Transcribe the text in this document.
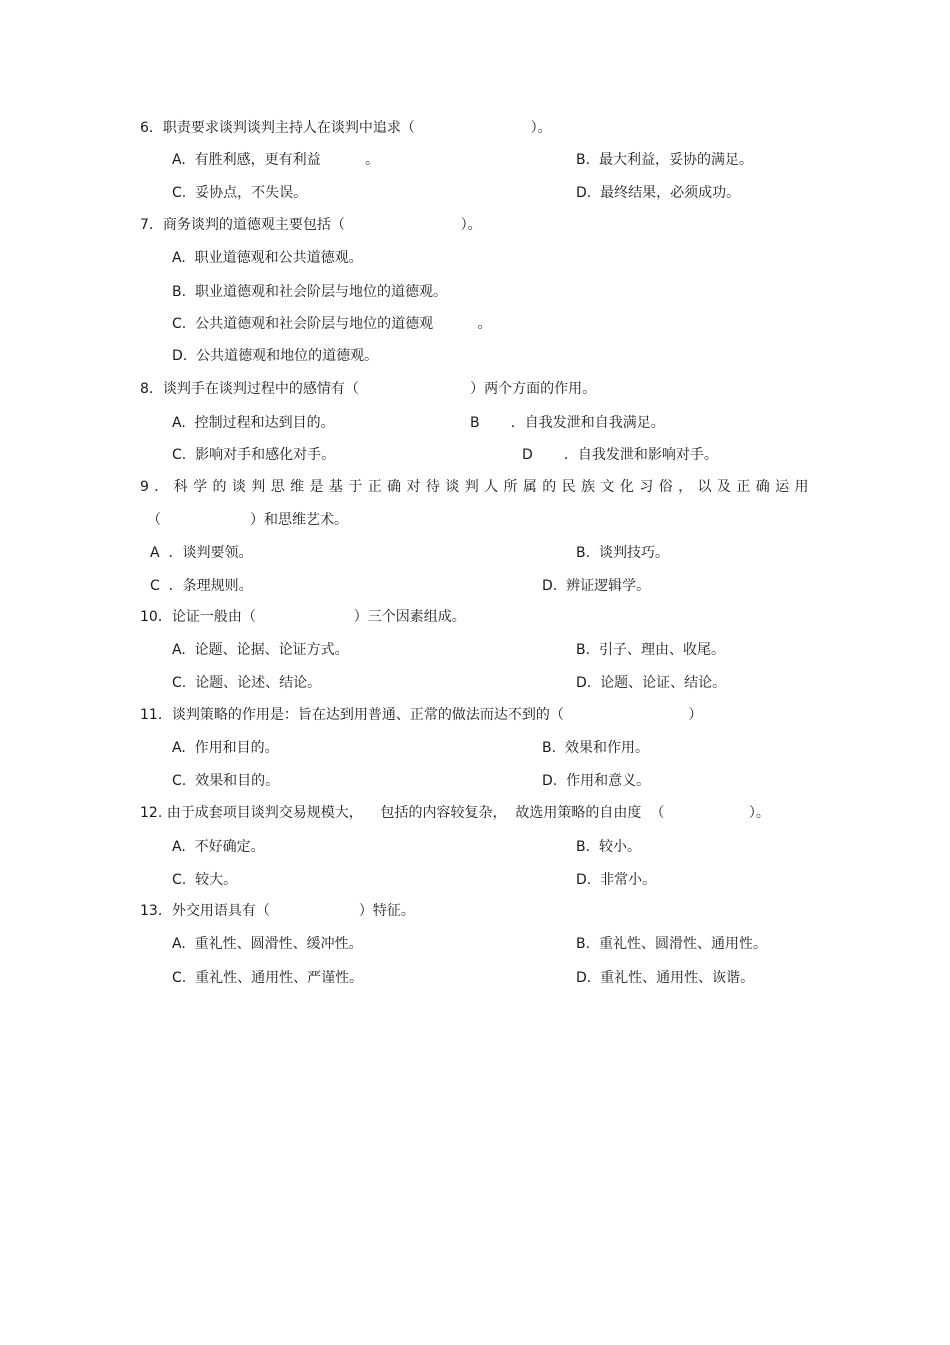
6．职责要求谈判谈判主持人在谈判中追求（                          ）。
A.  有胜利感，更有利益          。	B.  最大利益，妥协的满足。
C.  妥协点，不失误。	D.  最终结果，必须成功。
7．商务谈判的道德观主要包括（                          ）。
A.  职业道德观和公共道德观。
B.  职业道德观和社会阶层与地位的道德观。
C.  公共道德观和社会阶层与地位的道德观          。
D.  公共道德观和地位的道德观。
8．谈判手在谈判过程中的感情有（                         ）两个方面的作用。
A.  控制过程和达到目的。	B       ．自我发泄和自我满足。
C.  影响对手和感化对手。	D       ．自我发泄和影响对手。
9．科学的谈判思维是基于正确对待谈判人所属的民族文化习俗，以及正确运用
（                    ）和思维艺术。
A  ．谈判要领。	B.  谈判技巧。
C  ．条理规则。	D.  辨证逻辑学。
10．论证一般由（                      ）三个因素组成。
A.  论题、论据、论证方式。	B.  引子、理由、收尾。
C.  论题、论述、结论。	D.  论题、论证、结论。
11．谈判策略的作用是：旨在达到用普通、正常的做法而达不到的（                            ）
A.  作用和目的。	B.  效果和作用。
C.  效果和目的。	D.  作用和意义。
12. 由于成套项目谈判交易规模大，    包括的内容较复杂，  故选用策略的自由度  （                   ）。
A.  不好确定。	B.  较小。
C.  较大。	D.  非常小。
13．外交用语具有（                    ）特征。
A.  重礼性、圆滑性、缓冲性。	B.  重礼性、圆滑性、通用性。
C.  重礼性、通用性、严谨性。	D.  重礼性、通用性、诙谐。
